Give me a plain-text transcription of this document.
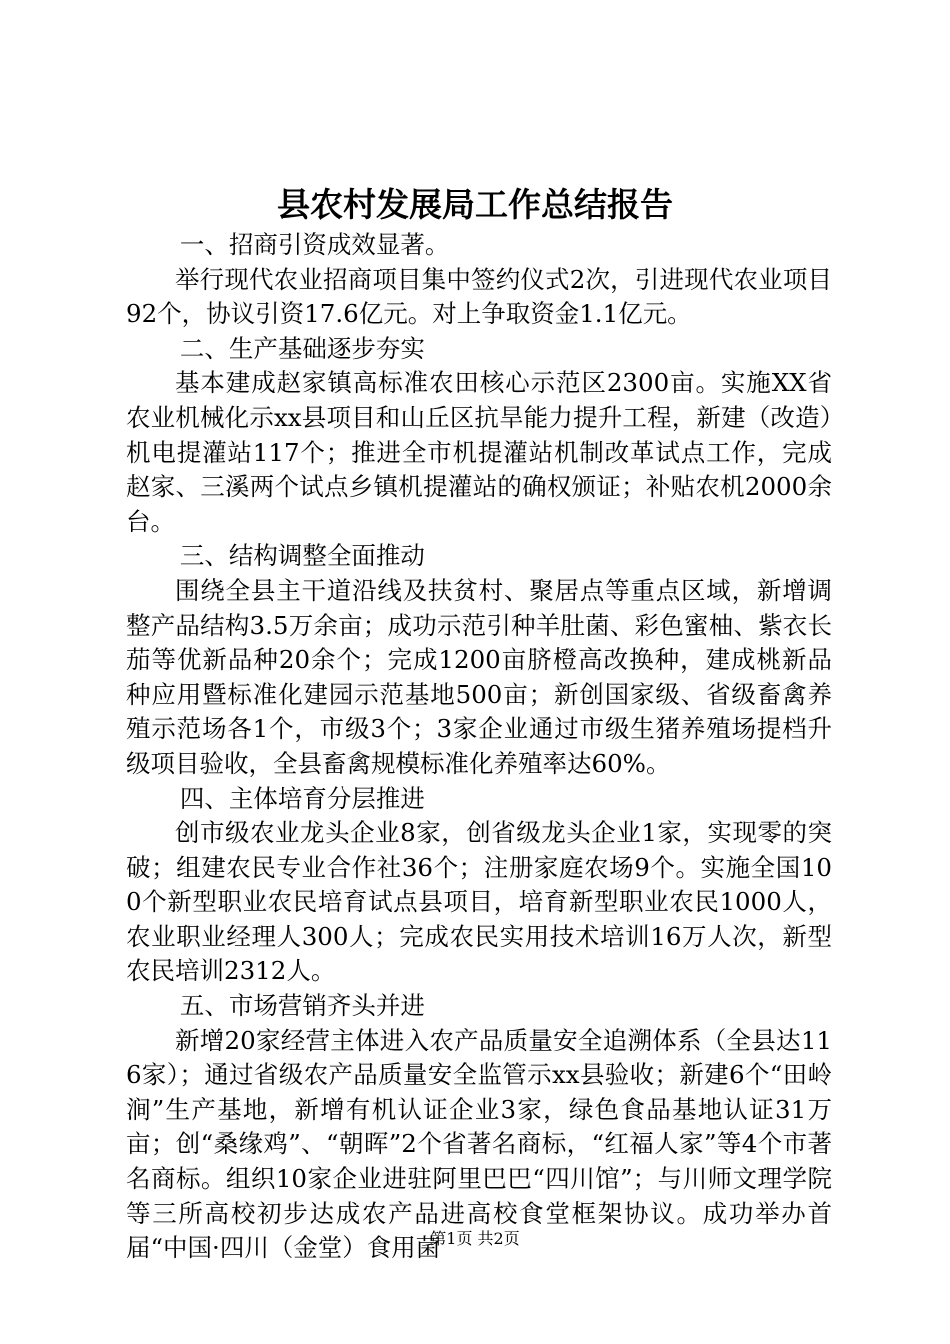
县农村发展局工作总结报告

一、招商引资成效显著。

举行现代农业招商项目集中签约仪式2次，引进现代农业项目92个，协议引资17.6亿元。对上争取资金1.1亿元。

二、生产基础逐步夯实

基本建成赵家镇高标准农田核心示范区2300亩。实施XX省农业机械化示xx县项目和山丘区抗旱能力提升工程，新建（改造）机电提灌站117个；推进全市机提灌站机制改革试点工作，完成赵家、三溪两个试点乡镇机提灌站的确权颁证；补贴农机2000余台。

三、结构调整全面推动

围绕全县主干道沿线及扶贫村、聚居点等重点区域，新增调整产品结构3.5万余亩；成功示范引种羊肚菌、彩色蜜柚、紫衣长茄等优新品种20余个；完成1200亩脐橙高改换种，建成桃新品种应用暨标准化建园示范基地500亩；新创国家级、省级畜禽养殖示范场各1个，市级3个；3家企业通过市级生猪养殖场提档升级项目验收，全县畜禽规模标准化养殖率达60%。

四、主体培育分层推进

创市级农业龙头企业8家，创省级龙头企业1家，实现零的突破；组建农民专业合作社36个；注册家庭农场9个。实施全国100个新型职业农民培育试点县项目，培育新型职业农民1000人，农业职业经理人300人；完成农民实用技术培训16万人次，新型农民培训2312人。

五、市场营销齐头并进

新增20家经营主体进入农产品质量安全追溯体系（全县达116家）；通过省级农产品质量安全监管示xx县验收；新建6个“田岭涧”生产基地，新增有机认证企业3家，绿色食品基地认证31万亩；创“桑缘鸡”、“朝晖”2个省著名商标，“红福人家”等4个市著名商标。组织10家企业进驻阿里巴巴“四川馆”；与川师文理学院等三所高校初步达成农产品进高校食堂框架协议。成功举办首届“中国·四川（金堂）食用菌

第1页 共2页
